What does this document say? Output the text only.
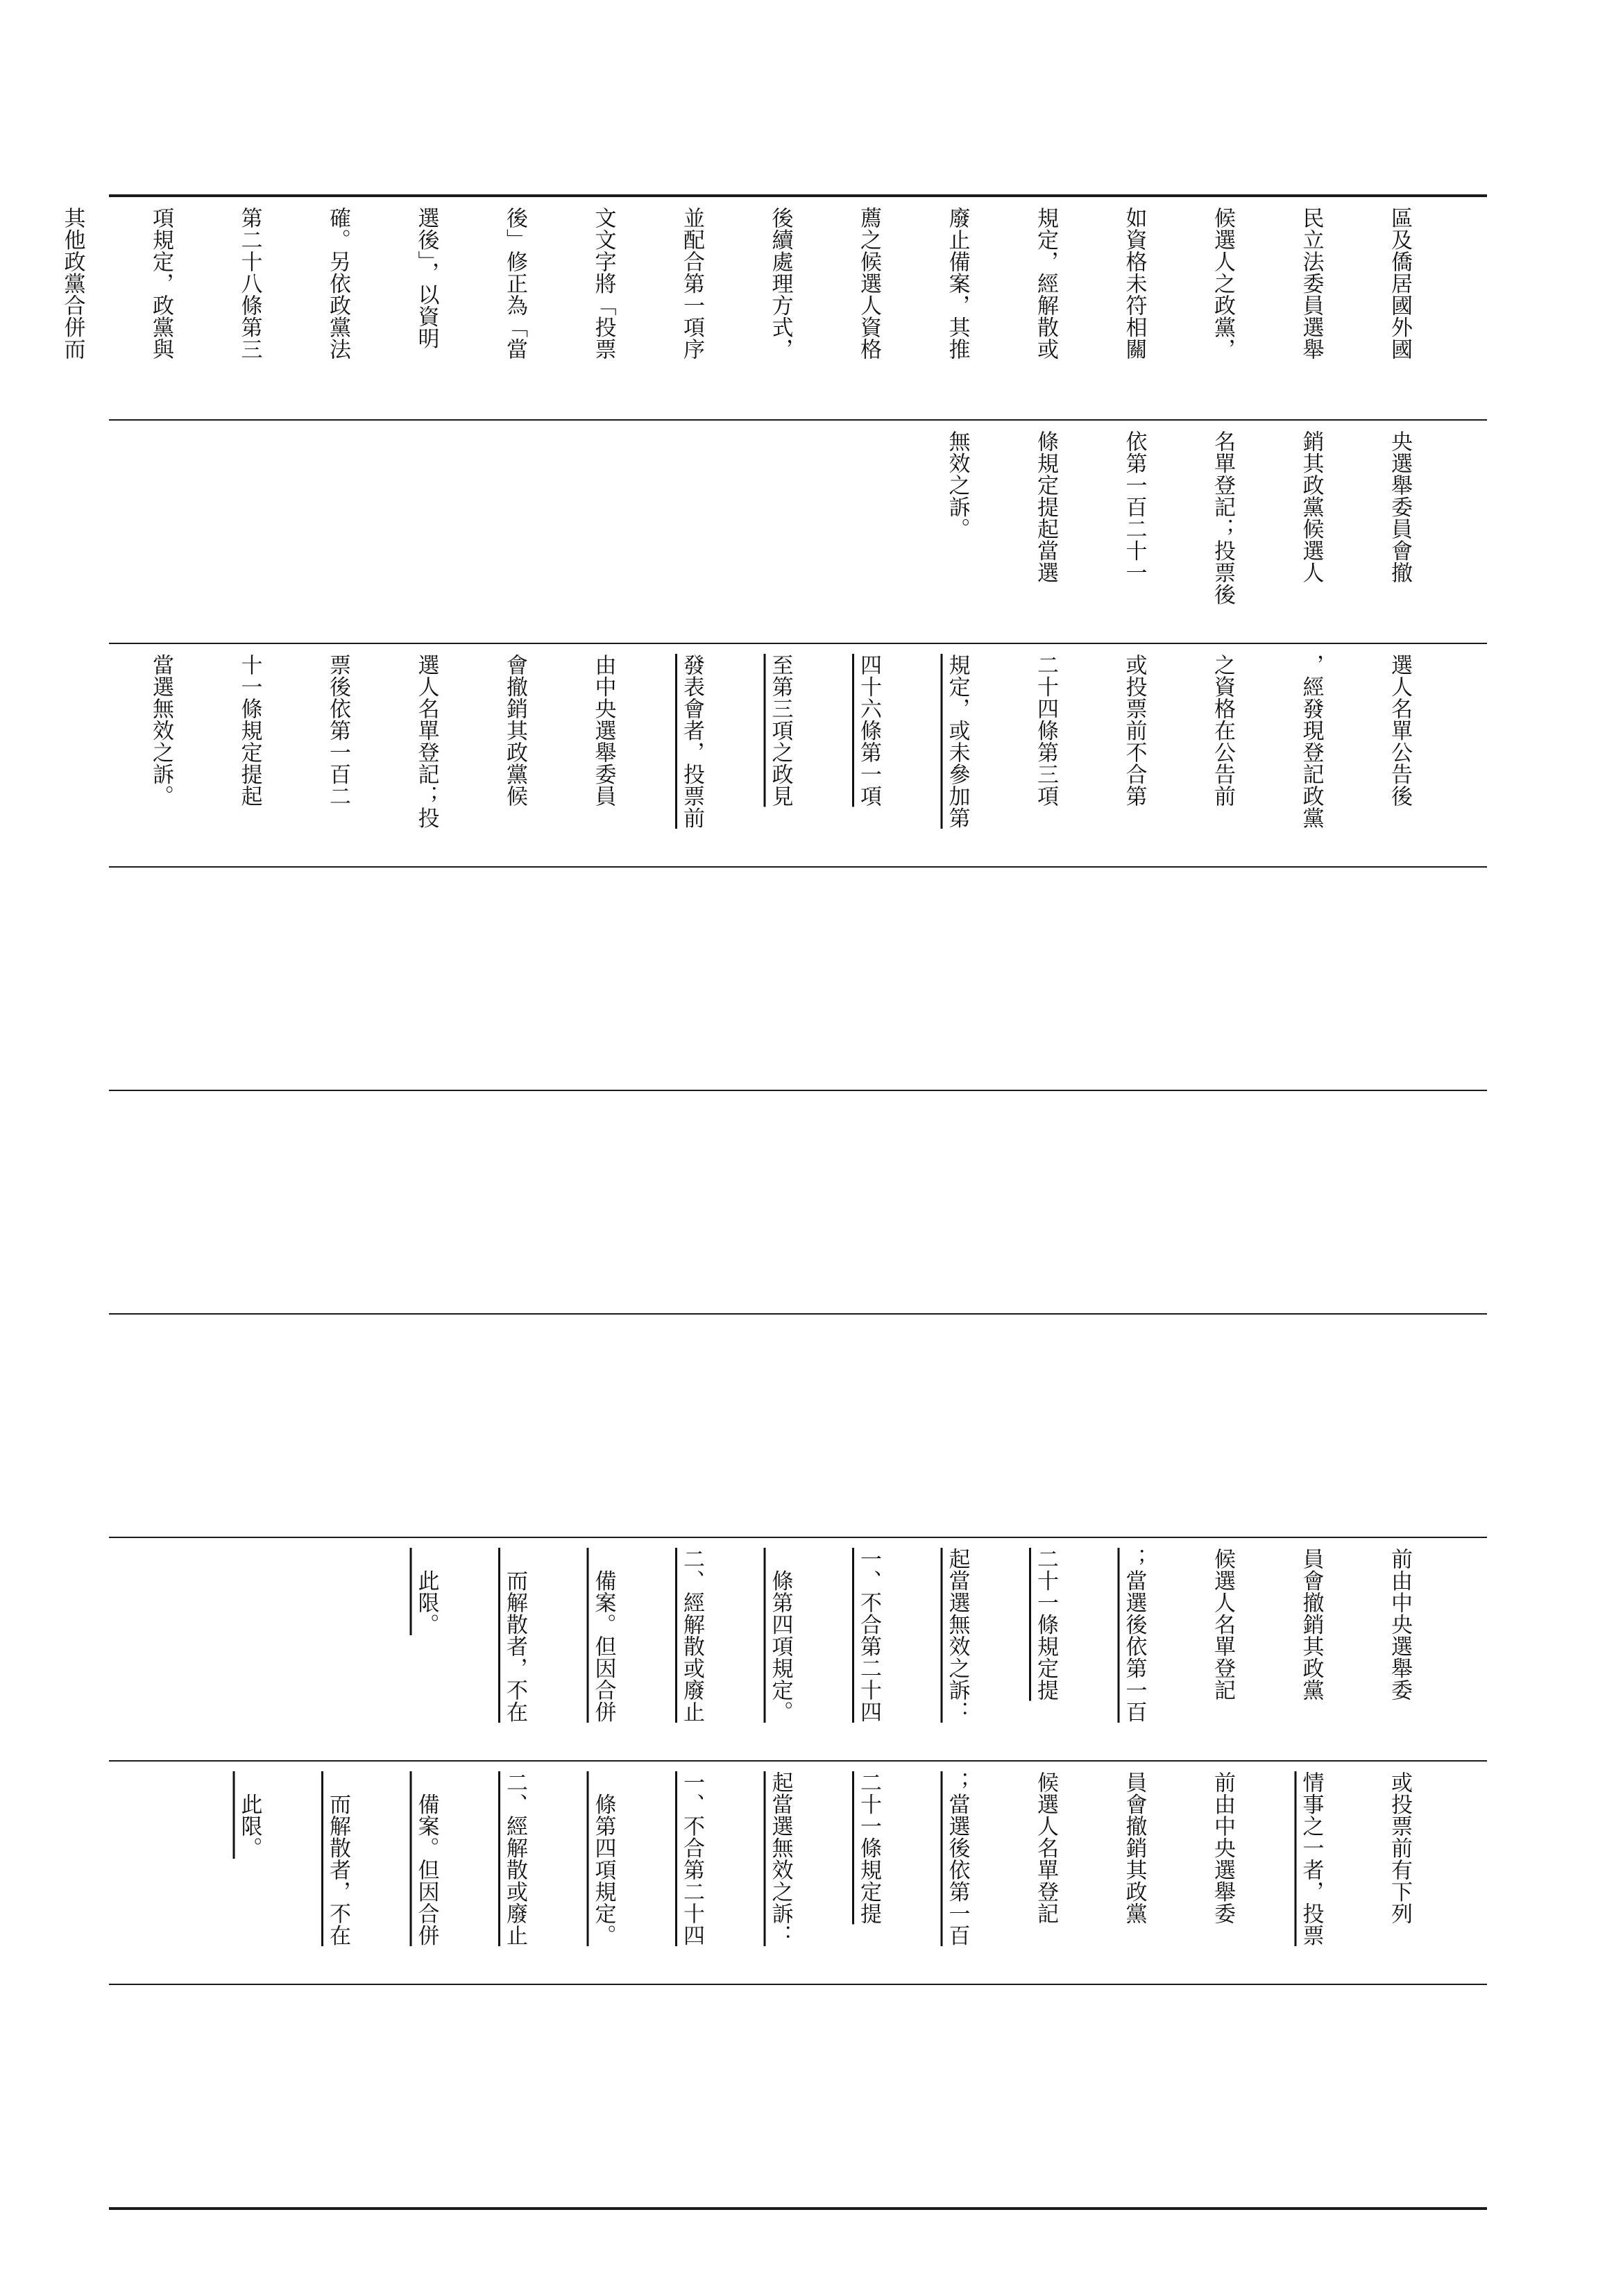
區及僑居國外國

民立法委員選舉

候選人之政黨，

如資格未符相關

規定，經解散或

廢止備案，其推

薦之候選人資格

後續處理方式，

並配合第一項序

文文字將「投票

後」修正為「當

選後」，以資明

確。另依政黨法

第二十八條第三

項規定，政黨與

其他政黨合併而

央選舉委員會撤

銷其政黨候選人

名單登記；投票後

依第一百二十一

條規定提起當選

無效之訴。

選人名單公告後

，經發現登記政黨

之資格在公告前

或投票前不合第

二十四條第三項

規定，或未參加第

四十六條第一項

至第三項之政見

發表會者，投票前

由中央選舉委員

會撤銷其政黨候

選人名單登記；投

票後依第一百二

十一條規定提起

當選無效之訴。

前由中央選舉委

員會撤銷其政黨

候選人名單登記

；當選後依第一百

二十一條規定提

起當選無效之訴：

一、不合第二十四

　條第四項規定。

二、經解散或廢止

　備案。但因合併

　而解散者，不在

　此限。

或投票前有下列

情事之一者，投票

前由中央選舉委

員會撤銷其政黨

候選人名單登記

；當選後依第一百

二十一條規定提

起當選無效之訴：

一、不合第二十四

　條第四項規定。

二、經解散或廢止

　備案。但因合併

　而解散者，不在

　此限。
